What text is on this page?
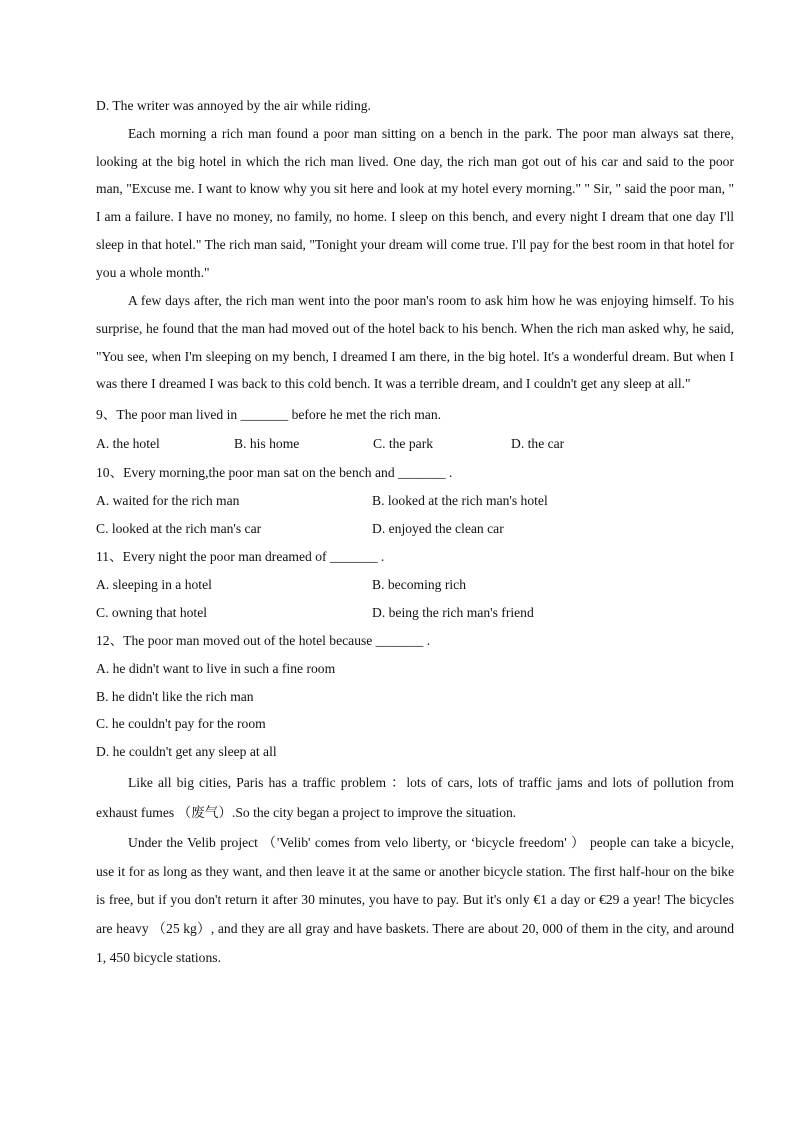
D. The writer was annoyed by the air while riding.

Each morning a rich man found a poor man sitting on a bench in the park. The poor man always sat there, looking at the big hotel in which the rich man lived. One day, the rich man got out of his car and said to the poor man, "Excuse me. I want to know why you sit here and look at my hotel every morning." " Sir, " said the poor man, " I am a failure. I have no money, no family, no home. I sleep on this bench, and every night I dream that one day I'll sleep in that hotel." The rich man said, "Tonight your dream will come true. I'll pay for the best room in that hotel for you a whole month."

A few days after, the rich man went into the poor man's room to ask him how he was enjoying himself. To his surprise, he found that the man had moved out of the hotel back to his bench. When the rich man asked why, he said, "You see, when I'm sleeping on my bench, I dreamed I am there, in the big hotel. It's a wonderful dream. But when I was there I dreamed I was back to this cold bench. It was a terrible dream, and I couldn't get any sleep at all."

9、The poor man lived in _______ before he met the rich man.
A. the hotel	B. his home	C. the park	D. the car
10、Every morning,the poor man sat on the bench and _______ .
A. waited for the rich man	B. looked at the rich man's hotel
C. looked at the rich man's car	D. enjoyed the clean car
11、Every night the poor man dreamed of _______ .
A. sleeping in a hotel	B. becoming rich
C. owning that hotel	D. being the rich man's friend
12、The poor man moved out of the hotel because _______ .
A. he didn't want to live in such a fine room
B. he didn't like the rich man
C. he couldn't pay for the room
D. he couldn't get any sleep at all

Like all big cities, Paris has a traffic problem ：lots of cars, lots of traffic jams and lots of pollution from exhaust fumes （废气）.So the city began a project to improve the situation.

Under the Velib project （'Velib' comes from velo liberty, or ‘bicycle freedom' ） people can take a bicycle, use it for as long as they want, and then leave it at the same or another bicycle station. The first half-hour on the bike is free, but if you don't return it after 30 minutes, you have to pay. But it's only €1 a day or €29 a year! The bicycles are heavy （25 kg）, and they are all gray and have baskets. There are about 20, 000 of them in the city, and around 1, 450 bicycle stations.
